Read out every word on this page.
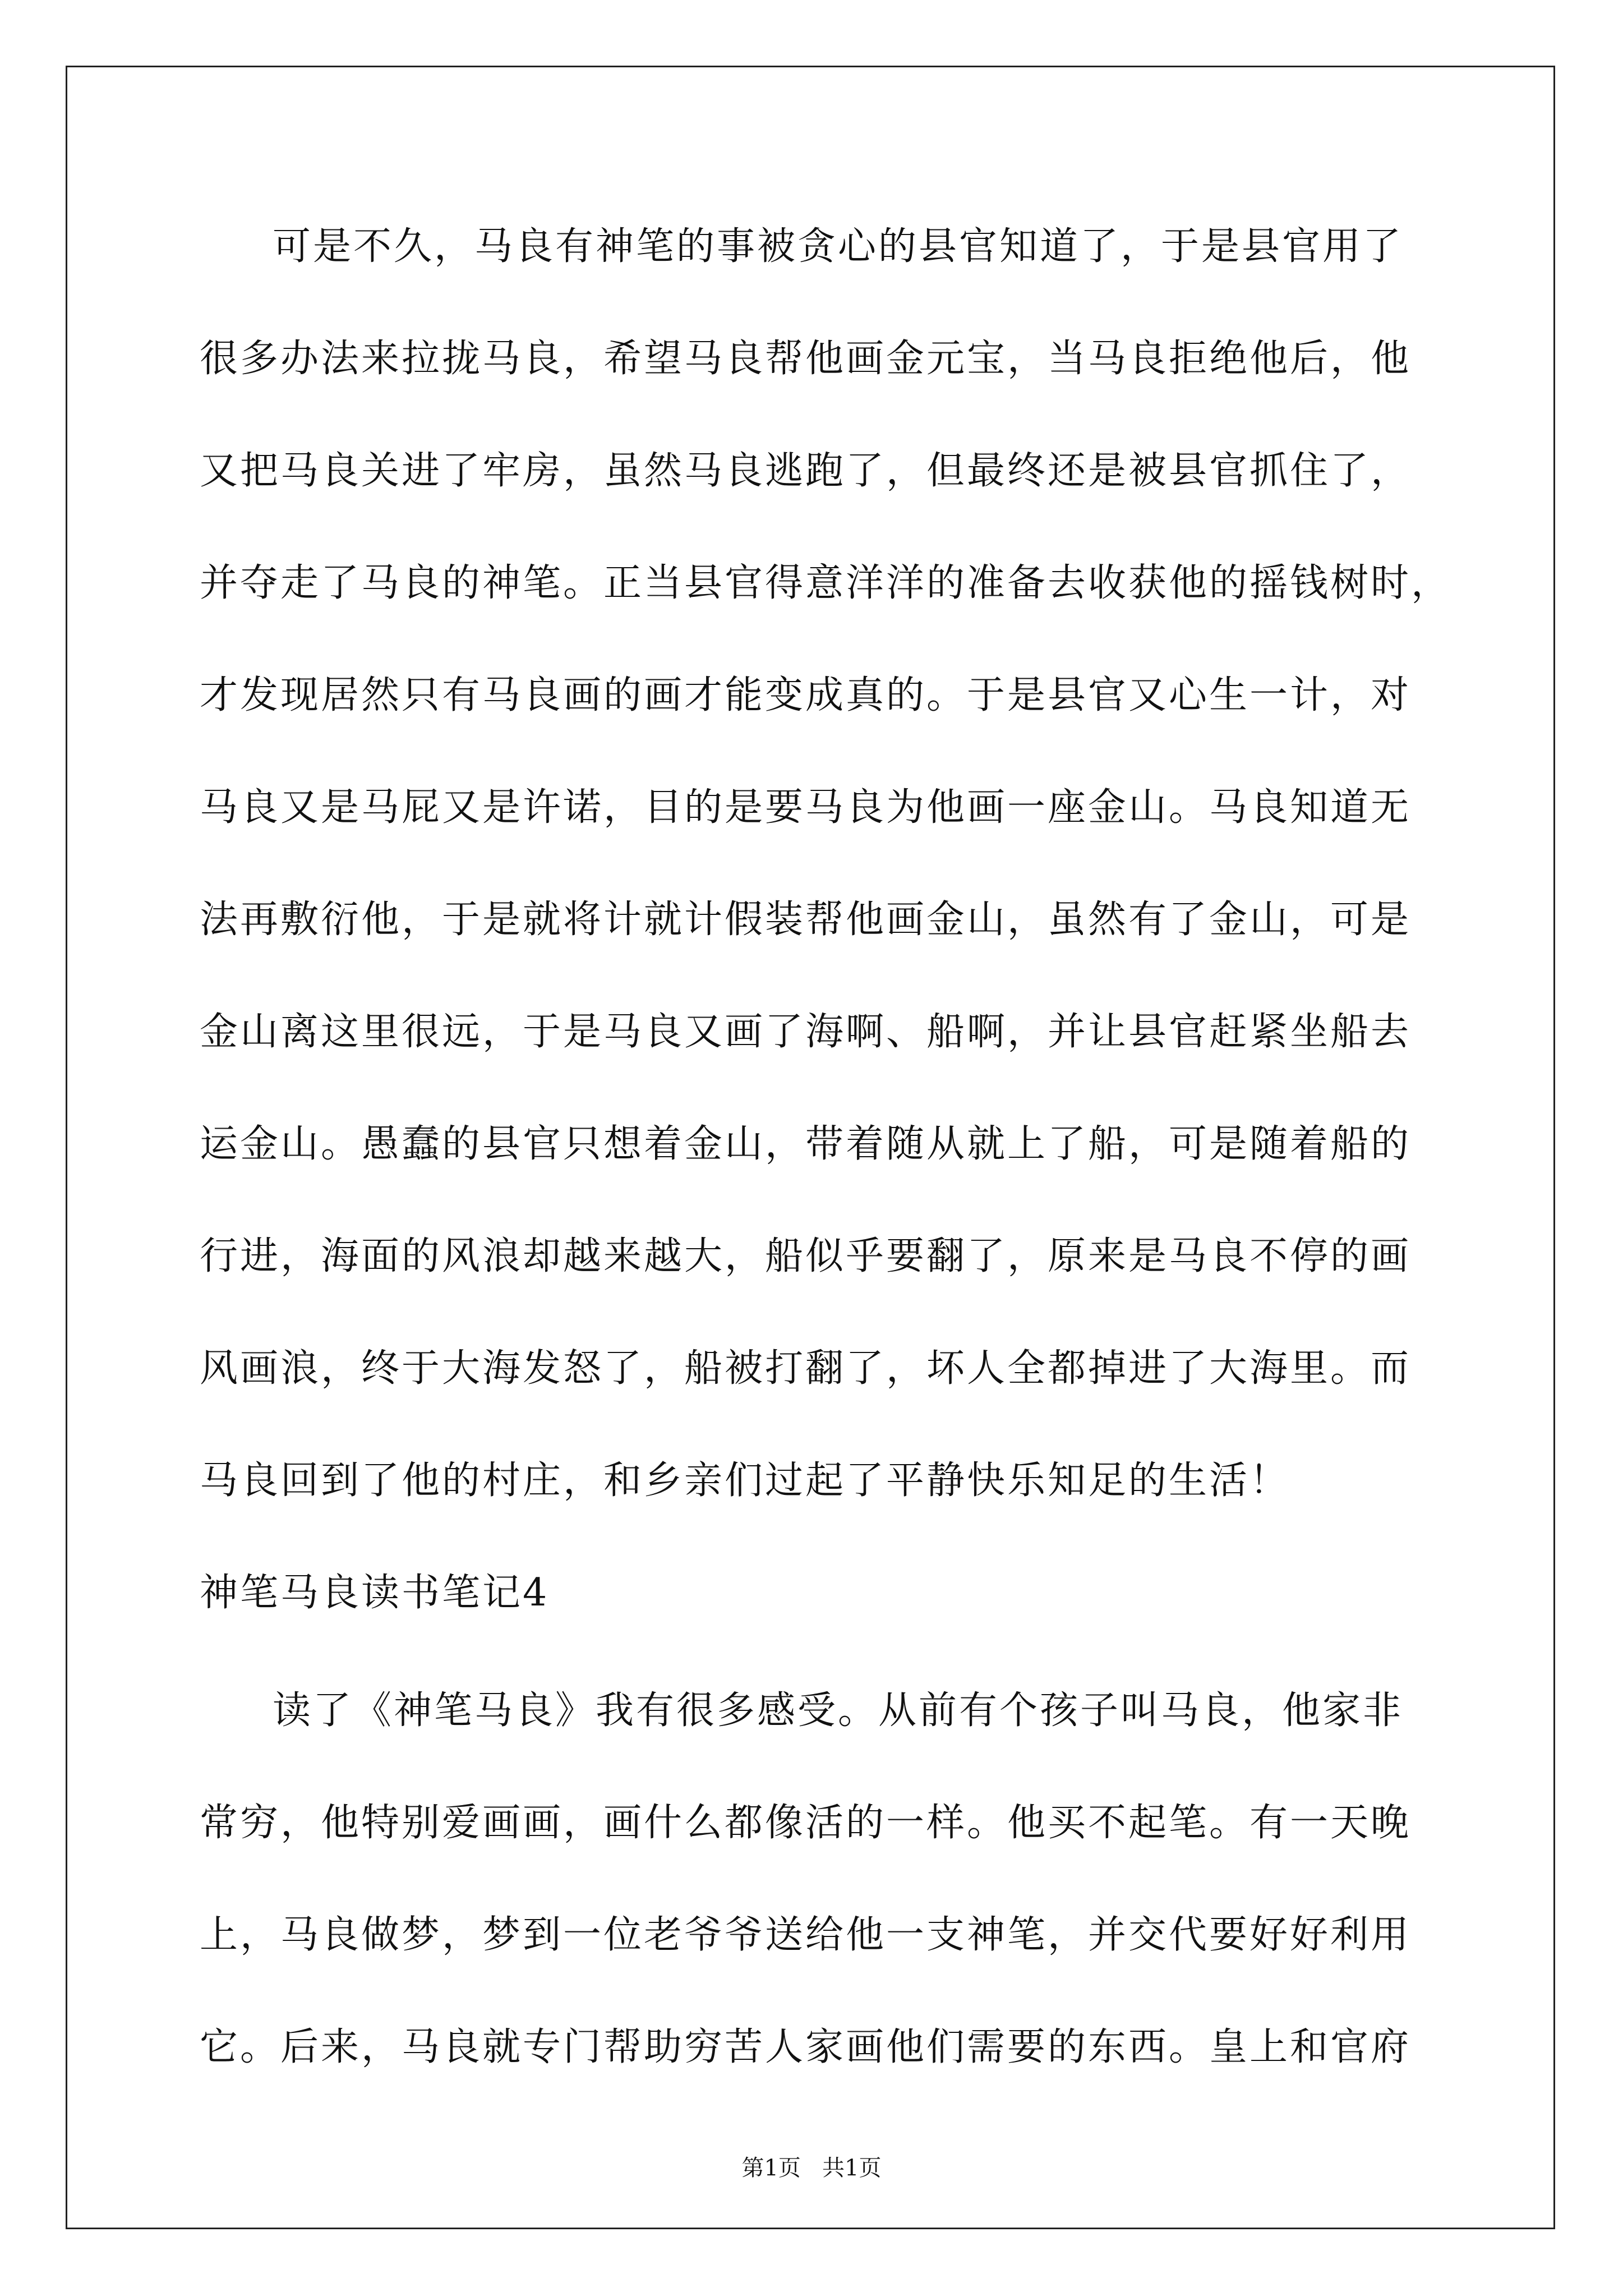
可是不久，马良有神笔的事被贪心的县官知道了，于是县官用了
很多办法来拉拢马良，希望马良帮他画金元宝，当马良拒绝他后，他
又把马良关进了牢房，虽然马良逃跑了，但最终还是被县官抓住了，
并夺走了马良的神笔。正当县官得意洋洋的准备去收获他的摇钱树时，
才发现居然只有马良画的画才能变成真的。于是县官又心生一计，对
马良又是马屁又是许诺，目的是要马良为他画一座金山。马良知道无
法再敷衍他，于是就将计就计假装帮他画金山，虽然有了金山，可是
金山离这里很远，于是马良又画了海啊、船啊，并让县官赶紧坐船去
运金山。愚蠢的县官只想着金山，带着随从就上了船，可是随着船的
行进，海面的风浪却越来越大，船似乎要翻了，原来是马良不停的画
风画浪，终于大海发怒了，船被打翻了，坏人全都掉进了大海里。而
马良回到了他的村庄，和乡亲们过起了平静快乐知足的生活！
神笔马良读书笔记4
读了《神笔马良》我有很多感受。从前有个孩子叫马良，他家非
常穷，他特别爱画画，画什么都像活的一样。他买不起笔。有一天晚
上，马良做梦，梦到一位老爷爷送给他一支神笔，并交代要好好利用
它。后来，马良就专门帮助穷苦人家画他们需要的东西。皇上和官府
第1页   共1页
